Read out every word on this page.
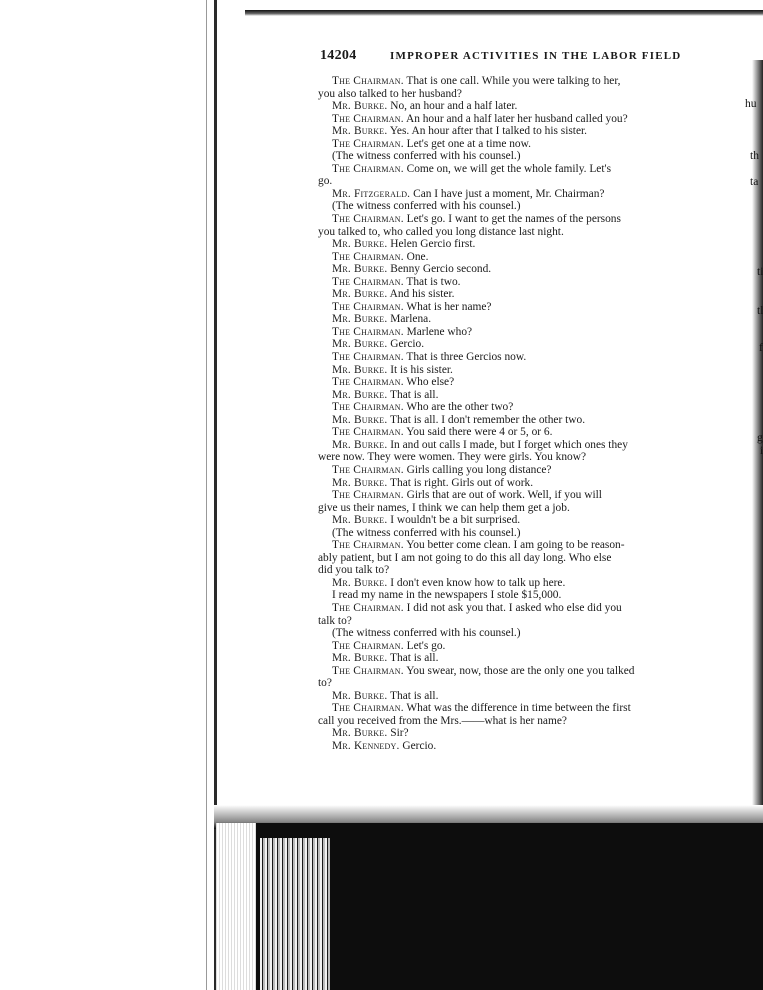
14204	IMPROPER ACTIVITIES IN THE LABOR FIELD

The Chairman. That is one call. While you were talking to her,

you also talked to her husband?

Mr. Burke. No, an hour and a half later.

The Chairman. An hour and a half later her husband called you?

Mr. Burke. Yes. An hour after that I talked to his sister.

The Chairman. Let's get one at a time now.

(The witness conferred with his counsel.)

The Chairman. Come on, we will get the whole family. Let's

go.

Mr. Fitzgerald. Can I have just a moment, Mr. Chairman?

(The witness conferred with his counsel.)

The Chairman. Let's go. I want to get the names of the persons

you talked to, who called you long distance last night.

Mr. Burke. Helen Gercio first.

The Chairman. One.

Mr. Burke. Benny Gercio second.

The Chairman. That is two.

Mr. Burke. And his sister.

The Chairman. What is her name?

Mr. Burke. Marlena.

The Chairman. Marlene who?

Mr. Burke. Gercio.

The Chairman. That is three Gercios now.

Mr. Burke. It is his sister.

The Chairman. Who else?

Mr. Burke. That is all.

The Chairman. Who are the other two?

Mr. Burke. That is all. I don't remember the other two.

The Chairman. You said there were 4 or 5, or 6.

Mr. Burke. In and out calls I made, but I forget which ones they

were now. They were women. They were girls. You know?

The Chairman. Girls calling you long distance?

Mr. Burke. That is right. Girls out of work.

The Chairman. Girls that are out of work. Well, if you will

give us their names, I think we can help them get a job.

Mr. Burke. I wouldn't be a bit surprised.

(The witness conferred with his counsel.)

The Chairman. You better come clean. I am going to be reason-

ably patient, but I am not going to do this all day long. Who else

did you talk to?

Mr. Burke. I don't even know how to talk up here.

I read my name in the newspapers I stole $15,000.

The Chairman. I did not ask you that. I asked who else did you

talk to?

(The witness conferred with his counsel.)

The Chairman. Let's go.

Mr. Burke. That is all.

The Chairman. You swear, now, those are the only one you talked

to?

Mr. Burke. That is all.

The Chairman. What was the difference in time between the first

call you received from the Mrs.——what is her name?

Mr. Burke. Sir?

Mr. Kennedy. Gercio.

hu
th
ta
ti
tl
f
g
i
